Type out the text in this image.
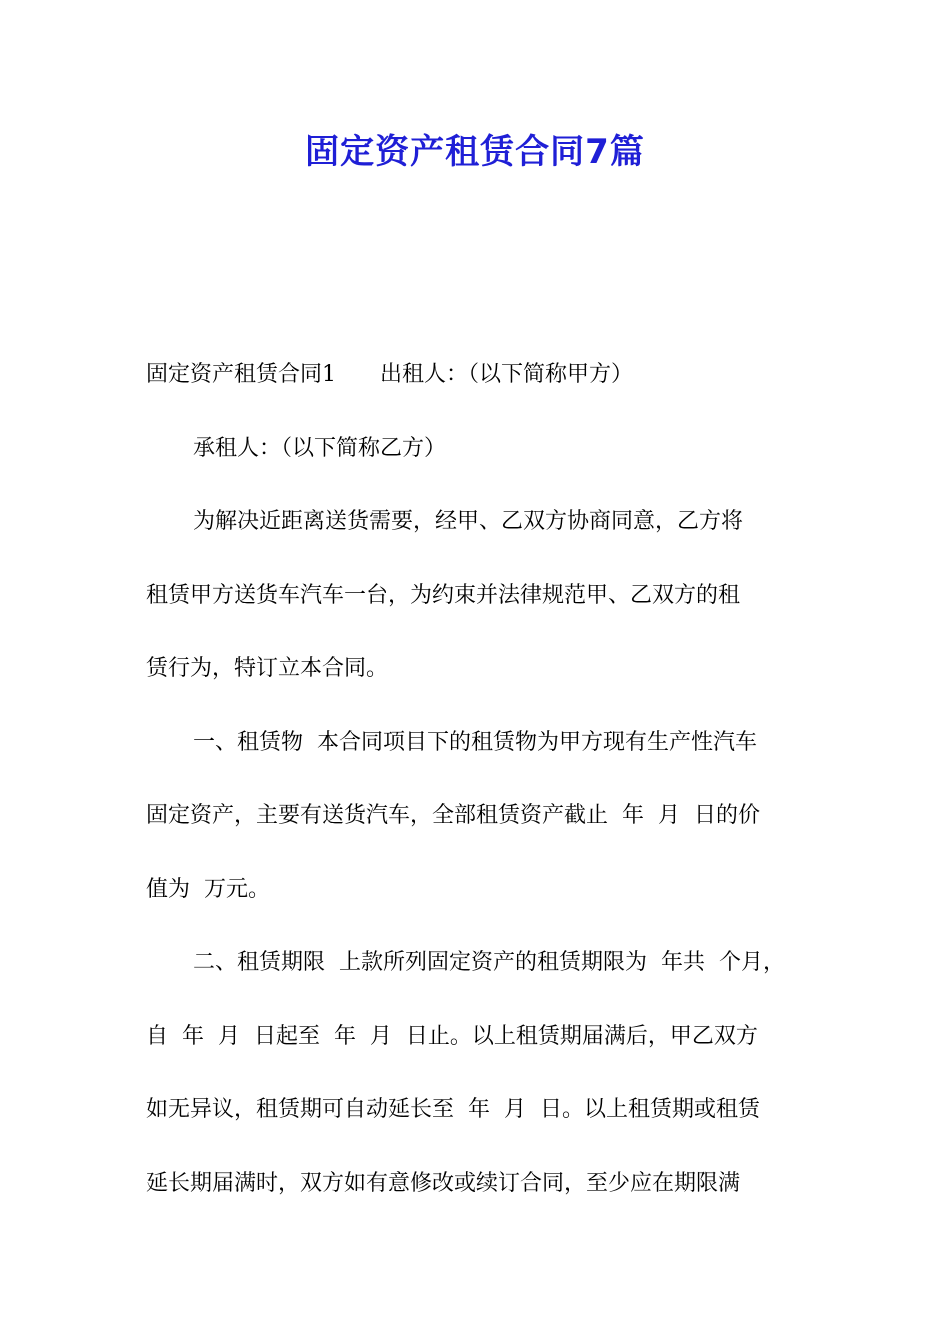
固定资产租赁合同7篇
固定资产租赁合同1　　出租人：（以下简称甲方）
承租人：（以下简称乙方）
为解决近距离送货需要，经甲、乙双方协商同意，乙方将
租赁甲方送货车汽车一台，为约束并法律规范甲、乙双方的租
赁行为，特订立本合同。
一、租赁物  本合同项目下的租赁物为甲方现有生产性汽车
固定资产，主要有送货汽车，全部租赁资产截止  年  月  日的价
值为  万元。
二、租赁期限  上款所列固定资产的租赁期限为  年共  个月，
自  年  月  日起至  年  月  日止。以上租赁期届满后，甲乙双方
如无异议，租赁期可自动延长至  年  月  日。以上租赁期或租赁
延长期届满时，双方如有意修改或续订合同，至少应在期限满
